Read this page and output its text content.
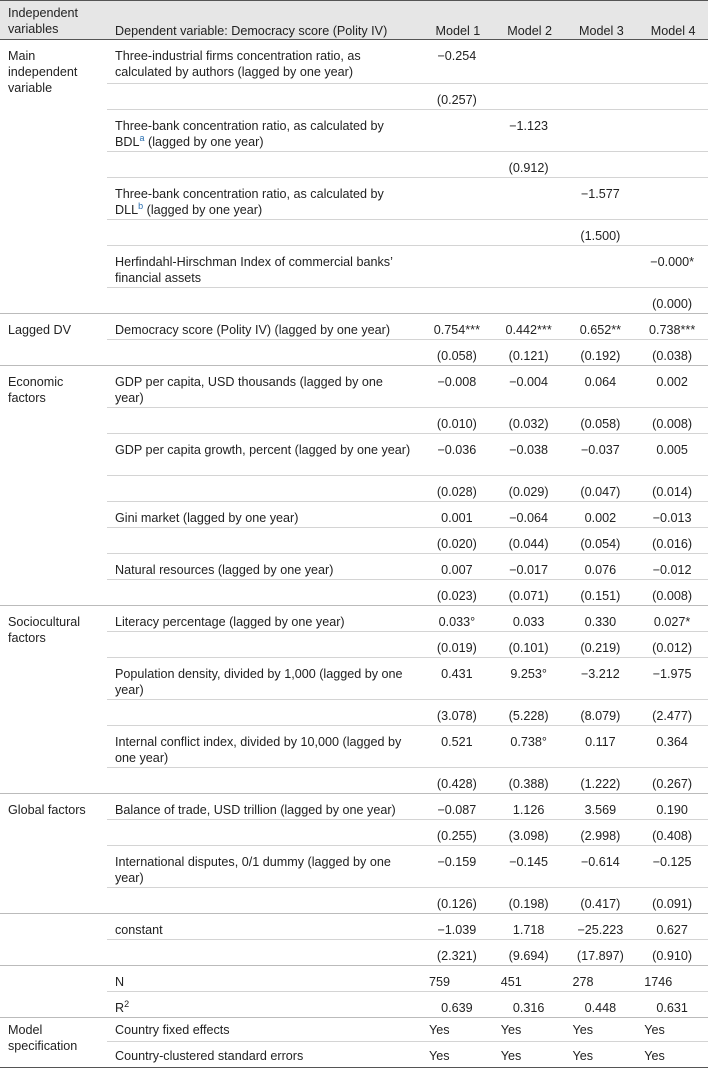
Independent variables	Dependent variable: Democracy score (Polity IV)	Model 1	Model 2	Model 3	Model 4
Main independent variable	Three-industrial firms concentration ratio, as calculated by authors (lagged by one year)	−0.254			
		(0.257)			
	Three-bank concentration ratio, as calculated by BDL$^a$ (lagged by one year)		−1.123		
			(0.912)		
	Three-bank concentration ratio, as calculated by DLL$^b$ (lagged by one year)			−1.577	
				(1.500)	
	Herfindahl-Hirschman Index of commercial banks’ financial assets				−0.000*
					(0.000)
Lagged DV	Democracy score (Polity IV) (lagged by one year)	0.754***	0.442***	0.652**	0.738***
		(0.058)	(0.121)	(0.192)	(0.038)
Economic factors	GDP per capita, USD thousands (lagged by one year)	−0.008	−0.004	0.064	0.002
		(0.010)	(0.032)	(0.058)	(0.008)
	GDP per capita growth, percent (lagged by one year)	−0.036	−0.038	−0.037	0.005
		(0.028)	(0.029)	(0.047)	(0.014)
	Gini market (lagged by one year)	0.001	−0.064	0.002	−0.013
		(0.020)	(0.044)	(0.054)	(0.016)
	Natural resources (lagged by one year)	0.007	−0.017	0.076	−0.012
		(0.023)	(0.071)	(0.151)	(0.008)
Sociocultural factors	Literacy percentage (lagged by one year)	0.033°	0.033	0.330	0.027*
		(0.019)	(0.101)	(0.219)	(0.012)
	Population density, divided by 1,000 (lagged by one year)	0.431	9.253°	−3.212	−1.975
		(3.078)	(5.228)	(8.079)	(2.477)
	Internal conflict index, divided by 10,000 (lagged by one year)	0.521	0.738°	0.117	0.364
		(0.428)	(0.388)	(1.222)	(0.267)
Global factors	Balance of trade, USD trillion (lagged by one year)	−0.087	1.126	3.569	0.190
		(0.255)	(3.098)	(2.998)	(0.408)
	International disputes, 0/1 dummy (lagged by one year)	−0.159	−0.145	−0.614	−0.125
		(0.126)	(0.198)	(0.417)	(0.091)
	constant	−1.039	1.718	−25.223	0.627
		(2.321)	(9.694)	(17.897)	(0.910)
	N	759	451	278	1746
	$R^2$	0.639	0.316	0.448	0.631
Model specification	Country fixed effects	Yes	Yes	Yes	Yes
	Country-clustered standard errors	Yes	Yes	Yes	Yes
